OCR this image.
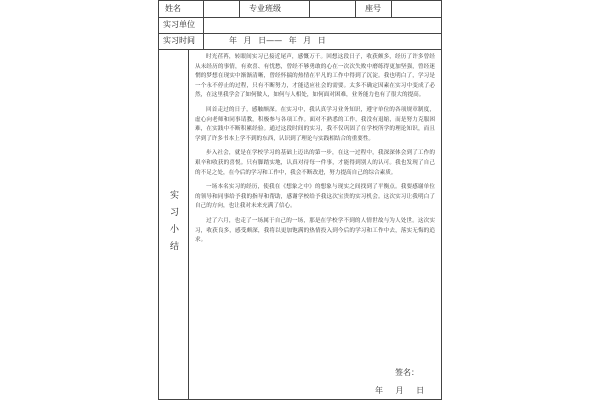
姓名	专业班级	座号
实习单位
实习时间	年 月 日—— 年 月 日
实习小结

时光荏苒，转眼间实习已接近尾声，感慨万千。回想这段日子，收获颇多，经历了许多曾经从未经历的事情，有欢喜、有忧愁，曾经不够勇敢的心在一次次失败中磨练得更加坚强，曾经迷惘的梦想在现实中渐渐清晰，曾经怀揣的热情在平凡的工作中得到了沉淀。我也明白了，学习是一个永不停止的过程，只有不断努力，才能适应社会的需要。太多不确定因素在实习中变成了必然，在这里我学会了如何做人，如何与人相处，如何面对困难，业务能力也有了很大的提高。

回首走过的日子，感触颇深。在实习中，我认真学习业务知识，遵守单位的各项规章制度，虚心向老师和同事请教，积极参与各项工作。面对不熟悉的工作，我没有退缩，而是努力克服困难，在实践中不断积累经验。通过这段时间的实习，我不仅巩固了在学校所学的理论知识，而且学到了许多书本上学不到的东西，认识到了理论与实践相结合的重要性。

步入社会，就是在学校学习的基础上迈出的第一步，在这一过程中，我深深体会到了工作的艰辛和收获的喜悦。只有脚踏实地，认真对待每一件事，才能得到别人的认可。我也发现了自己的不足之处，在今后的学习和工作中，我会不断改进，努力提高自己的综合素质。

一场本名实习的经历，使我在《想象之中》的想象与现实之间找到了平衡点。我要感谢单位的领导和同事给予我的指导和帮助，感谢学校给予我这次宝贵的实习机会。这次实习让我明白了自己的方向，也让我对未来充满了信心。

过了六月，也走了一场属于自己的一场，那是在学校学不到的人情世故与为人处世。这次实习，收获良多，感受颇深，我将以更加饱满的热情投入到今后的学习和工作中去，落实无悔的追求。

签名：
年 月 日
